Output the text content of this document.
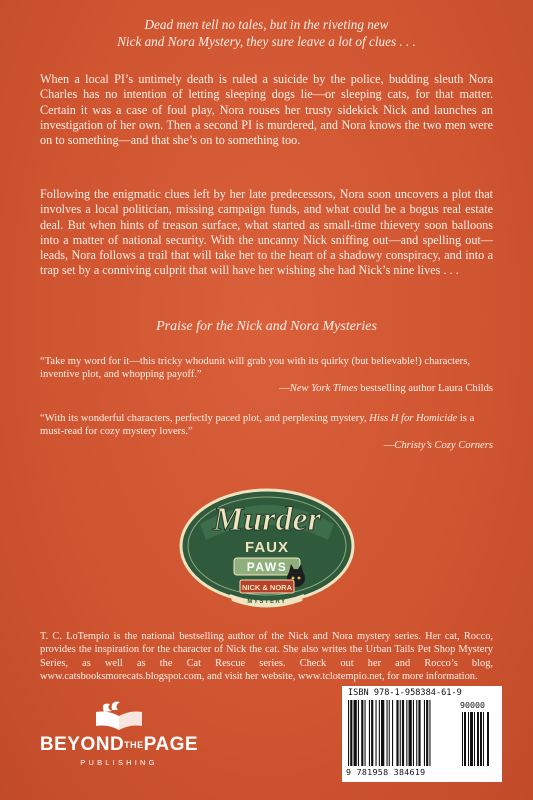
Dead men tell no tales, but in the riveting new
Nick and Nora Mystery, they sure leave a lot of clues . . .

When a local PI’s untimely death is ruled a suicide by the police, budding sleuth Nora Charles has no intention of letting sleeping dogs lie—or sleeping cats, for that matter. Certain it was a case of foul play, Nora rouses her trusty sidekick Nick and launches an investigation of her own. Then a second PI is murdered, and Nora knows the two men were on to something—and that she’s on to something too.

Following the enigmatic clues left by her late predecessors, Nora soon uncovers a plot that involves a local politician, missing campaign funds, and what could be a bogus real estate deal. But when hints of treason surface, what started as small-time thievery soon balloons into a matter of national security. With the uncanny Nick sniffing out—and spelling out—leads, Nora follows a trail that will take her to the heart of a shadowy conspiracy, and into a trap set by a conniving culprit that will have her wishing she had Nick’s nine lives . . .

Praise for the Nick and Nora Mysteries
“Take my word for it—this tricky whodunit will grab you with its quirky (but believable!) characters, inventive plot, and whopping payoff.”
—New York Times bestselling author Laura Childs
“With its wonderful characters, perfectly paced plot, and perplexing mystery, Hiss H for Homicide is a must-read for cozy mystery lovers.”
—Christy’s Cozy Corners
Murder
FAUX
PAWS
NICK & NORA
MYSTERY

T. C. LoTempio is the national bestselling author of the Nick and Nora mystery series. Her cat, Rocco, provides the inspiration for the character of Nick the cat. She also writes the Urban Tails Pet Shop Mystery Series, as well as the Cat Rescue series. Check out her and Rocco’s blog, www.catsbooksmorecats.blogspot.com, and visit her website, www.tclotempio.net, for more information.

BEYONDTHEPAGE
PUBLISHING
ISBN 978-1-958384-61-9
90000
9 781958 384619
